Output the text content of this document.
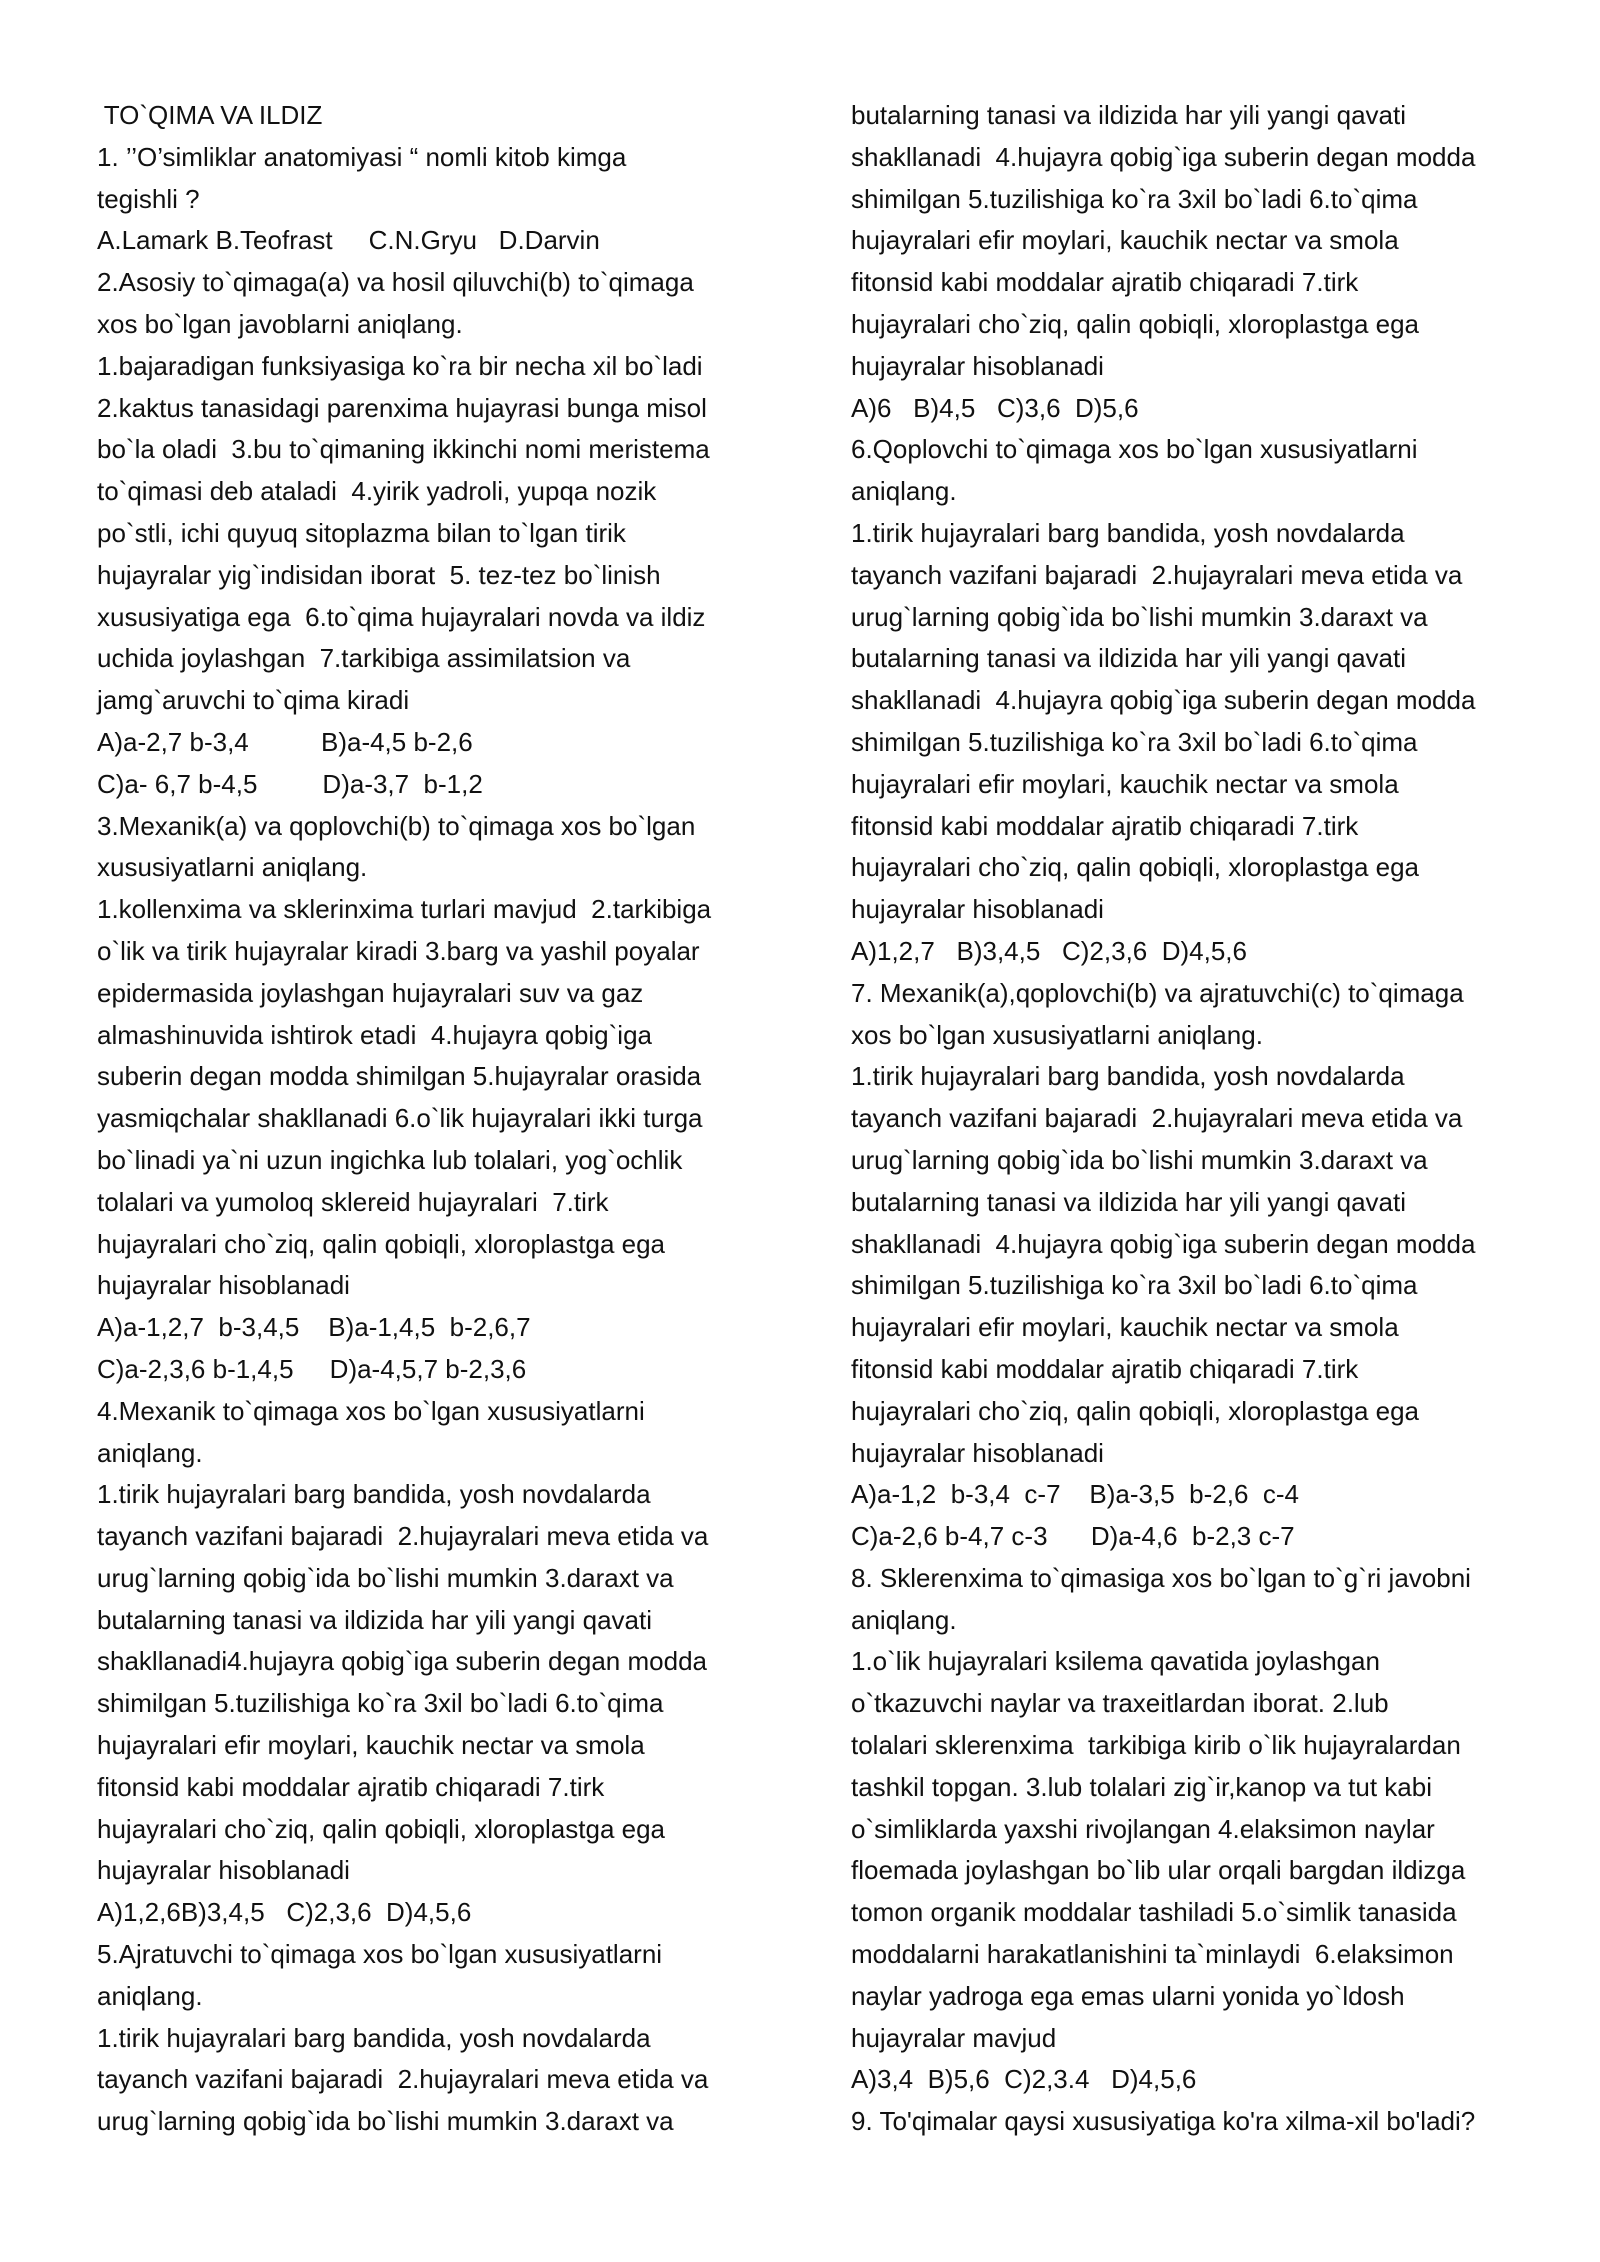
TO`QIMA VA ILDIZ
1. ’’O’simliklar anatomiyasi “ nomli kitob kimga
tegishli ?
A.Lamark B.Teofrast     C.N.Gryu   D.Darvin
2.Asosiy to`qimaga(a) va hosil qiluvchi(b) to`qimaga
xos bo`lgan javoblarni aniqlang.
1.bajaradigan funksiyasiga ko`ra bir necha xil bo`ladi
2.kaktus tanasidagi parenxima hujayrasi bunga misol
bo`la oladi  3.bu to`qimaning ikkinchi nomi meristema
to`qimasi deb ataladi  4.yirik yadroli, yupqa nozik
po`stli, ichi quyuq sitoplazma bilan to`lgan tirik
hujayralar yig`indisidan iborat  5. tez-tez bo`linish
xususiyatiga ega  6.to`qima hujayralari novda va ildiz
uchida joylashgan  7.tarkibiga assimilatsion va
jamg`aruvchi to`qima kiradi
A)a-2,7 b-3,4          B)a-4,5 b-2,6
C)a- 6,7 b-4,5         D)a-3,7  b-1,2
3.Mexanik(a) va qoplovchi(b) to`qimaga xos bo`lgan
xususiyatlarni aniqlang.
1.kollenxima va sklerinxima turlari mavjud  2.tarkibiga
o`lik va tirik hujayralar kiradi 3.barg va yashil poyalar
epidermasida joylashgan hujayralari suv va gaz
almashinuvida ishtirok etadi  4.hujayra qobig`iga
suberin degan modda shimilgan 5.hujayralar orasida
yasmiqchalar shakllanadi 6.o`lik hujayralari ikki turga
bo`linadi ya`ni uzun ingichka lub tolalari, yog`ochlik
tolalari va yumoloq sklereid hujayralari  7.tirk
hujayralari cho`ziq, qalin qobiqli, xloroplastga ega
hujayralar hisoblanadi
A)a-1,2,7  b-3,4,5    B)a-1,4,5  b-2,6,7
C)a-2,3,6 b-1,4,5     D)a-4,5,7 b-2,3,6
4.Mexanik to`qimaga xos bo`lgan xususiyatlarni
aniqlang.
1.tirik hujayralari barg bandida, yosh novdalarda
tayanch vazifani bajaradi  2.hujayralari meva etida va
urug`larning qobig`ida bo`lishi mumkin 3.daraxt va
butalarning tanasi va ildizida har yili yangi qavati
shakllanadi4.hujayra qobig`iga suberin degan modda
shimilgan 5.tuzilishiga ko`ra 3xil bo`ladi 6.to`qima
hujayralari efir moylari, kauchik nectar va smola
fitonsid kabi moddalar ajratib chiqaradi 7.tirk
hujayralari cho`ziq, qalin qobiqli, xloroplastga ega
hujayralar hisoblanadi
A)1,2,6B)3,4,5   C)2,3,6  D)4,5,6
5.Ajratuvchi to`qimaga xos bo`lgan xususiyatlarni
aniqlang.
1.tirik hujayralari barg bandida, yosh novdalarda
tayanch vazifani bajaradi  2.hujayralari meva etida va
urug`larning qobig`ida bo`lishi mumkin 3.daraxt va
butalarning tanasi va ildizida har yili yangi qavati
shakllanadi  4.hujayra qobig`iga suberin degan modda
shimilgan 5.tuzilishiga ko`ra 3xil bo`ladi 6.to`qima
hujayralari efir moylari, kauchik nectar va smola
fitonsid kabi moddalar ajratib chiqaradi 7.tirk
hujayralari cho`ziq, qalin qobiqli, xloroplastga ega
hujayralar hisoblanadi
A)6   B)4,5   C)3,6  D)5,6
6.Qoplovchi to`qimaga xos bo`lgan xususiyatlarni
aniqlang.
1.tirik hujayralari barg bandida, yosh novdalarda
tayanch vazifani bajaradi  2.hujayralari meva etida va
urug`larning qobig`ida bo`lishi mumkin 3.daraxt va
butalarning tanasi va ildizida har yili yangi qavati
shakllanadi  4.hujayra qobig`iga suberin degan modda
shimilgan 5.tuzilishiga ko`ra 3xil bo`ladi 6.to`qima
hujayralari efir moylari, kauchik nectar va smola
fitonsid kabi moddalar ajratib chiqaradi 7.tirk
hujayralari cho`ziq, qalin qobiqli, xloroplastga ega
hujayralar hisoblanadi
A)1,2,7   B)3,4,5   C)2,3,6  D)4,5,6
7. Mexanik(a),qoplovchi(b) va ajratuvchi(c) to`qimaga
xos bo`lgan xususiyatlarni aniqlang.
1.tirik hujayralari barg bandida, yosh novdalarda
tayanch vazifani bajaradi  2.hujayralari meva etida va
urug`larning qobig`ida bo`lishi mumkin 3.daraxt va
butalarning tanasi va ildizida har yili yangi qavati
shakllanadi  4.hujayra qobig`iga suberin degan modda
shimilgan 5.tuzilishiga ko`ra 3xil bo`ladi 6.to`qima
hujayralari efir moylari, kauchik nectar va smola
fitonsid kabi moddalar ajratib chiqaradi 7.tirk
hujayralari cho`ziq, qalin qobiqli, xloroplastga ega
hujayralar hisoblanadi
A)a-1,2  b-3,4  c-7    B)a-3,5  b-2,6  c-4
C)a-2,6 b-4,7 c-3      D)a-4,6  b-2,3 c-7
8. Sklerenxima to`qimasiga xos bo`lgan to`g`ri javobni
aniqlang.
1.o`lik hujayralari ksilema qavatida joylashgan
o`tkazuvchi naylar va traxeitlardan iborat. 2.lub
tolalari sklerenxima  tarkibiga kirib o`lik hujayralardan
tashkil topgan. 3.lub tolalari zig`ir,kanop va tut kabi
o`simliklarda yaxshi rivojlangan 4.elaksimon naylar
floemada joylashgan bo`lib ular orqali bargdan ildizga
tomon organik moddalar tashiladi 5.o`simlik tanasida
moddalarni harakatlanishini ta`minlaydi  6.elaksimon
naylar yadroga ega emas ularni yonida yo`ldosh
hujayralar mavjud
A)3,4  B)5,6  C)2,3.4   D)4,5,6
9. To'qimalar qaysi xususiyatiga ko'ra xilma-xil bo'ladi?
